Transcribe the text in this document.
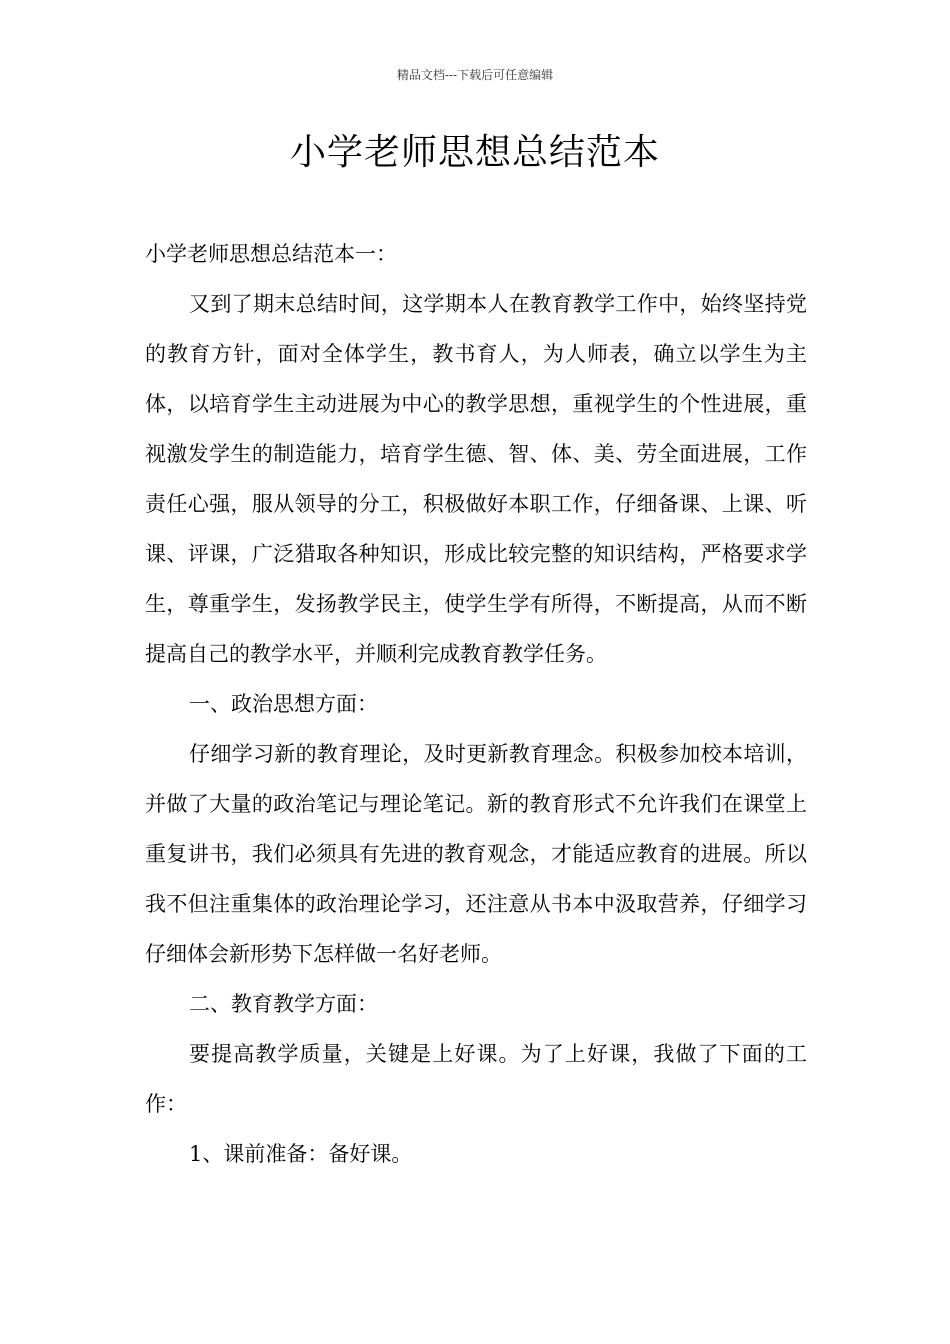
精品文档---下载后可任意编辑
小学老师思想总结范本

小学老师思想总结范本一：

又到了期末总结时间，这学期本人在教育教学工作中，始终坚持党的教育方针，面对全体学生，教书育人，为人师表，确立以学生为主体，以培育学生主动进展为中心的教学思想，重视学生的个性进展，重视激发学生的制造能力，培育学生德、智、体、美、劳全面进展，工作责任心强，服从领导的分工，积极做好本职工作，仔细备课、上课、听课、评课，广泛猎取各种知识，形成比较完整的知识结构，严格要求学生，尊重学生，发扬教学民主，使学生学有所得，不断提高，从而不断提高自己的教学水平，并顺利完成教育教学任务。

一、政治思想方面：

仔细学习新的教育理论，及时更新教育理念。积极参加校本培训，并做了大量的政治笔记与理论笔记。新的教育形式不允许我们在课堂上重复讲书，我们必须具有先进的教育观念，才能适应教育的进展。所以我不但注重集体的政治理论学习，还注意从书本中汲取营养，仔细学习仔细体会新形势下怎样做一名好老师。

二、教育教学方面：

要提高教学质量，关键是上好课。为了上好课，我做了下面的工作：

1、课前准备：备好课。
